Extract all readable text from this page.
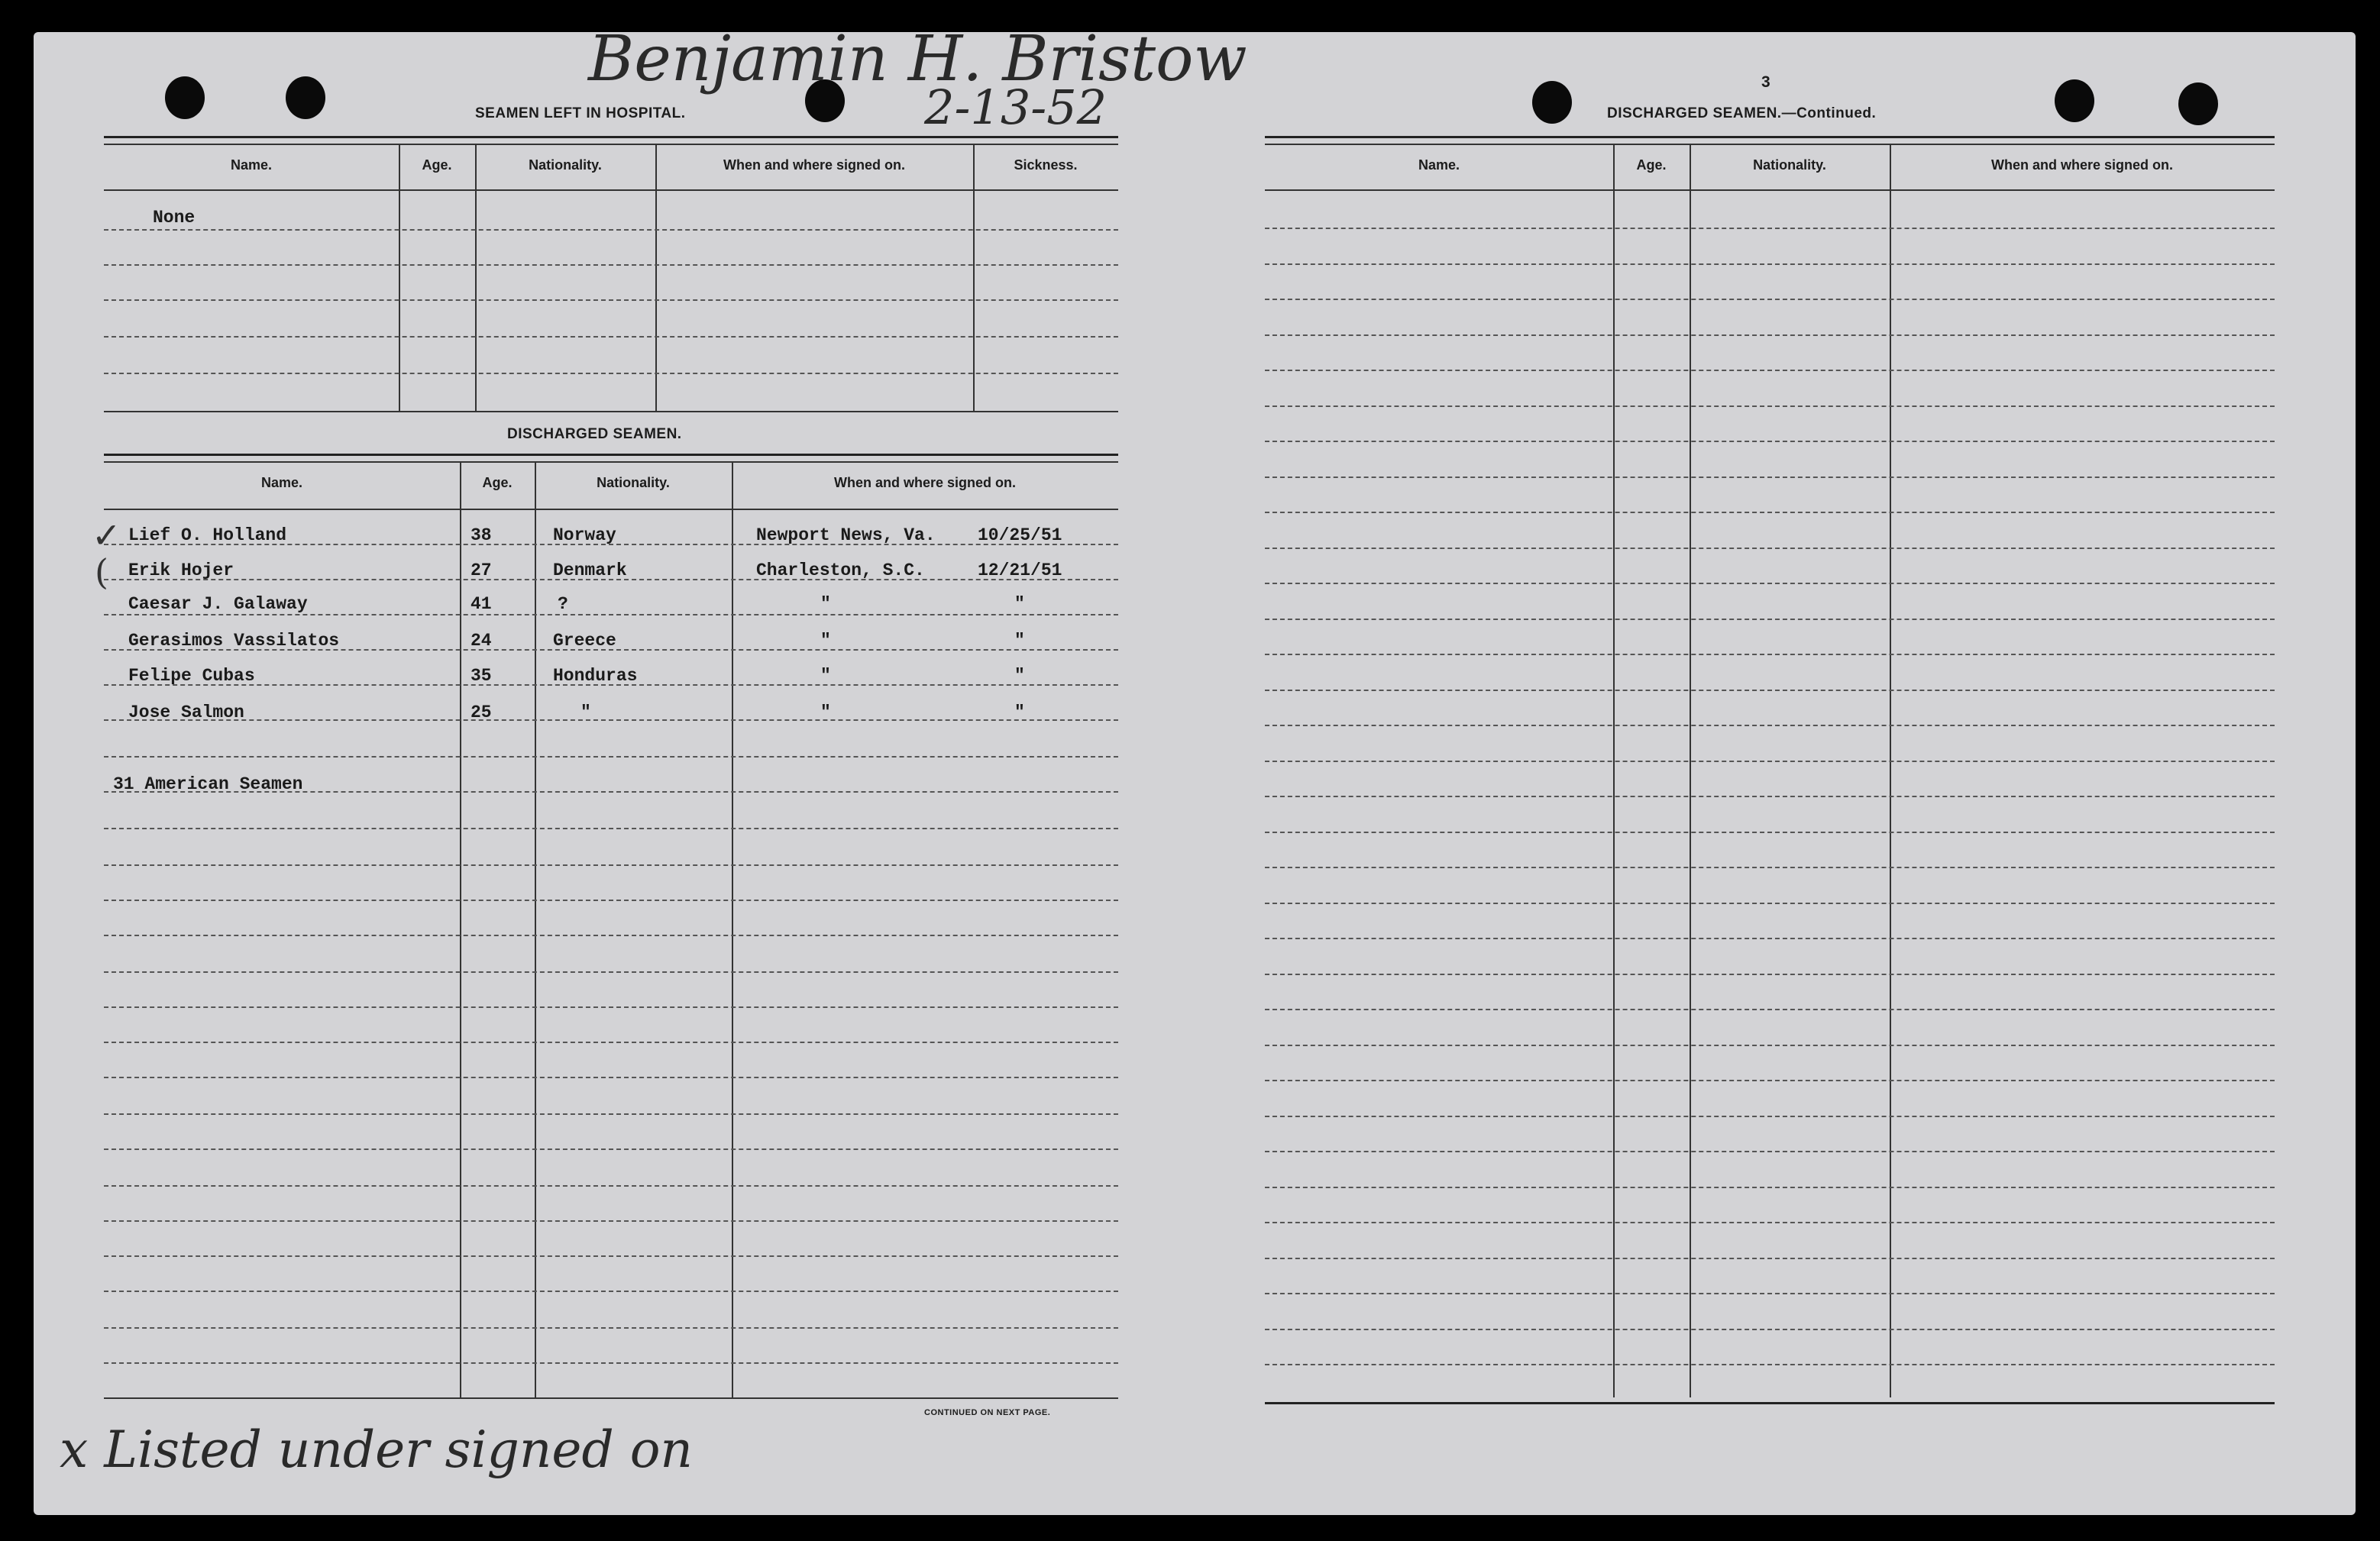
Benjamin H. Bristow
2-13-52
x Listed under signed on
3
SEAMEN LEFT IN HOSPITAL.
Name.	Age.	Nationality.	When and where signed on.	Sickness.
None
DISCHARGED SEAMEN.
Name.	Age.	Nationality.	When and where signed on.
✓
(
Lief O. Holland	38	Norway	Newport News, Va. 10/25/51
Erik Hojer	27	Denmark	Charleston, S.C.	12/21/51
Caesar J. Galaway	41	?	"	"
Gerasimos Vassilatos	24	Greece	"	"
Felipe Cubas	35	Honduras	"	"
Jose Salmon	25	"	"	"
31 American Seamen
CONTINUED ON NEXT PAGE.
DISCHARGED SEAMEN.—Continued.
Name.	Age.	Nationality.	When and where signed on.
